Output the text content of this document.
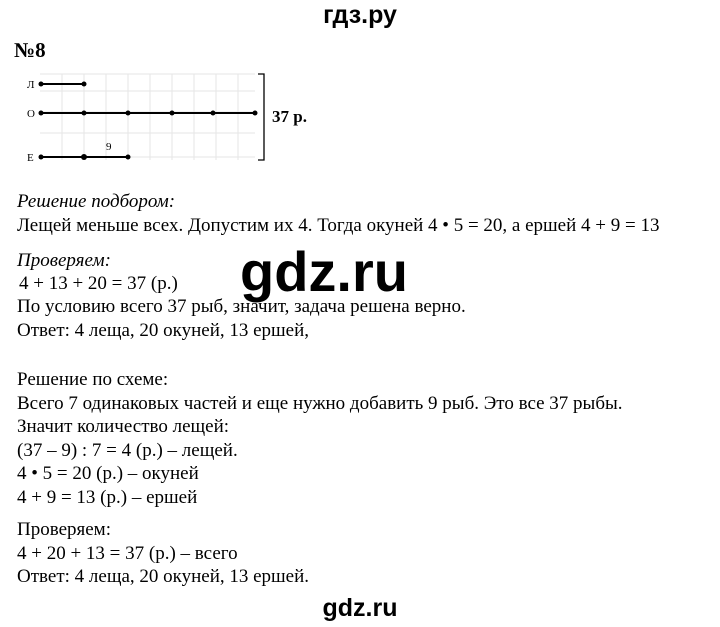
гдз.ру
№8
Л
О
Е
9
37 р.
Решение подбором:
Лещей меньше всех. Допустим их 4. Тогда окуней 4 • 5 = 20, а ершей 4 + 9 = 13
Проверяем:
4 + 13 + 20 = 37 (р.)
По условию всего 37 рыб, значит, задача решена верно.
Ответ: 4 леща, 20 окуней, 13 ершей,
gdz.ru
Решение по схеме:
Всего 7 одинаковых частей и еще нужно добавить 9 рыб. Это все 37 рыбы.
Значит количество лещей:
(37 – 9) : 7 = 4 (р.) – лещей.
4 • 5 = 20 (р.) – окуней
4 + 9 = 13 (р.) – ершей
Проверяем:
4 + 20 + 13 = 37 (р.) – всего
Ответ: 4 леща, 20 окуней, 13 ершей.
gdz.ru
